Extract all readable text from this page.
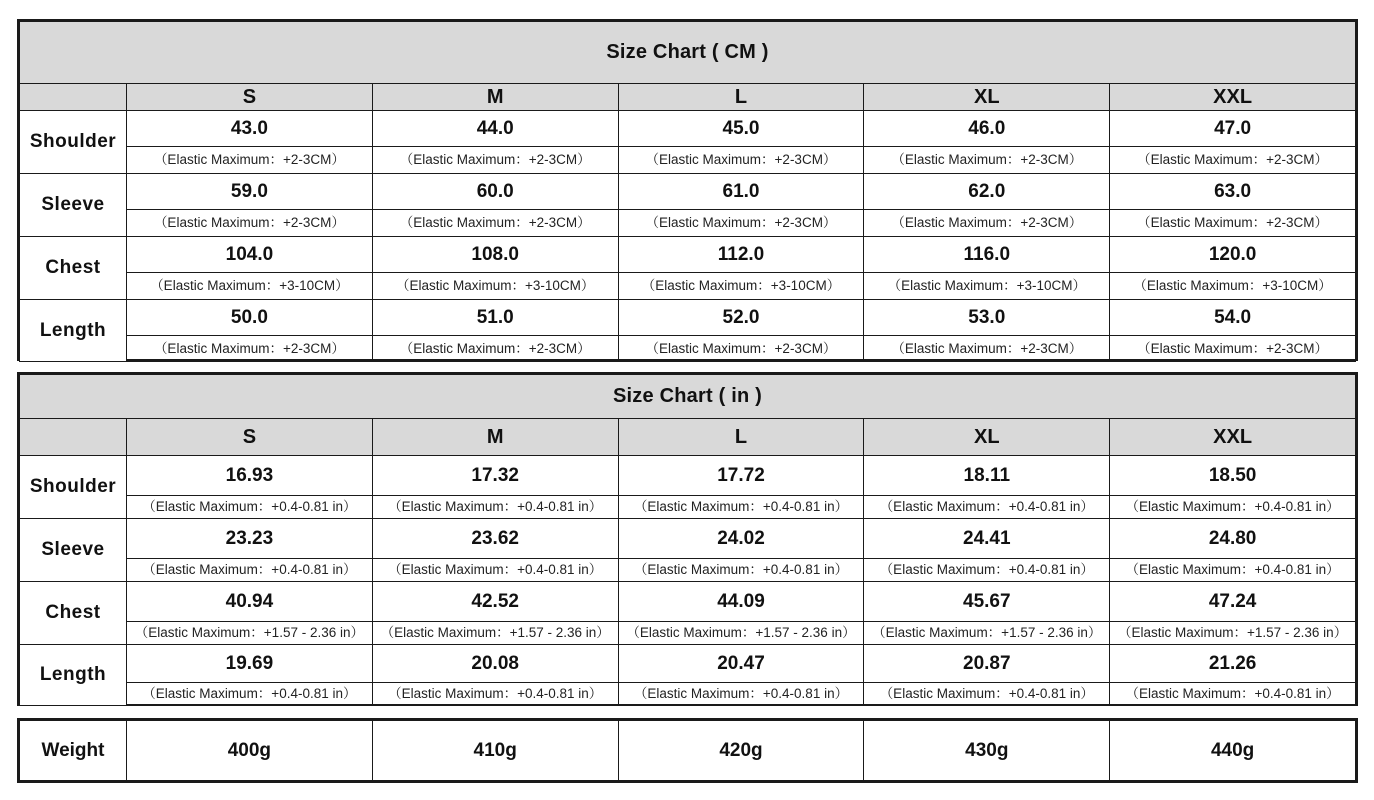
Size Chart ( CM )					
	S	M	L	XL	XXL
Shoulder	43.0	44.0	45.0	46.0	47.0
	（Elastic Maximum：+2-3CM）	（Elastic Maximum：+2-3CM）	（Elastic Maximum：+2-3CM）	（Elastic Maximum：+2-3CM）	（Elastic Maximum：+2-3CM）
Sleeve	59.0	60.0	61.0	62.0	63.0
	（Elastic Maximum：+2-3CM）	（Elastic Maximum：+2-3CM）	（Elastic Maximum：+2-3CM）	（Elastic Maximum：+2-3CM）	（Elastic Maximum：+2-3CM）
Chest	104.0	108.0	112.0	116.0	120.0
	（Elastic Maximum：+3-10CM）	（Elastic Maximum：+3-10CM）	（Elastic Maximum：+3-10CM）	（Elastic Maximum：+3-10CM）	（Elastic Maximum：+3-10CM）
Length	50.0	51.0	52.0	53.0	54.0
	（Elastic Maximum：+2-3CM）	（Elastic Maximum：+2-3CM）	（Elastic Maximum：+2-3CM）	（Elastic Maximum：+2-3CM）	（Elastic Maximum：+2-3CM）
Size Chart ( in )					
	S	M	L	XL	XXL
Shoulder	16.93	17.32	17.72	18.11	18.50
	（Elastic Maximum：+0.4-0.81 in）	（Elastic Maximum：+0.4-0.81 in）	（Elastic Maximum：+0.4-0.81 in）	（Elastic Maximum：+0.4-0.81 in）	（Elastic Maximum：+0.4-0.81 in）
Sleeve	23.23	23.62	24.02	24.41	24.80
	（Elastic Maximum：+0.4-0.81 in）	（Elastic Maximum：+0.4-0.81 in）	（Elastic Maximum：+0.4-0.81 in）	（Elastic Maximum：+0.4-0.81 in）	（Elastic Maximum：+0.4-0.81 in）
Chest	40.94	42.52	44.09	45.67	47.24
	（Elastic Maximum：+1.57 - 2.36 in）	（Elastic Maximum：+1.57 - 2.36 in）	（Elastic Maximum：+1.57 - 2.36 in）	（Elastic Maximum：+1.57 - 2.36 in）	（Elastic Maximum：+1.57 - 2.36 in）
Length	19.69	20.08	20.47	20.87	21.26
	（Elastic Maximum：+0.4-0.81 in）	（Elastic Maximum：+0.4-0.81 in）	（Elastic Maximum：+0.4-0.81 in）	（Elastic Maximum：+0.4-0.81 in）	（Elastic Maximum：+0.4-0.81 in）
Weight	400g	410g	420g	430g	440g
